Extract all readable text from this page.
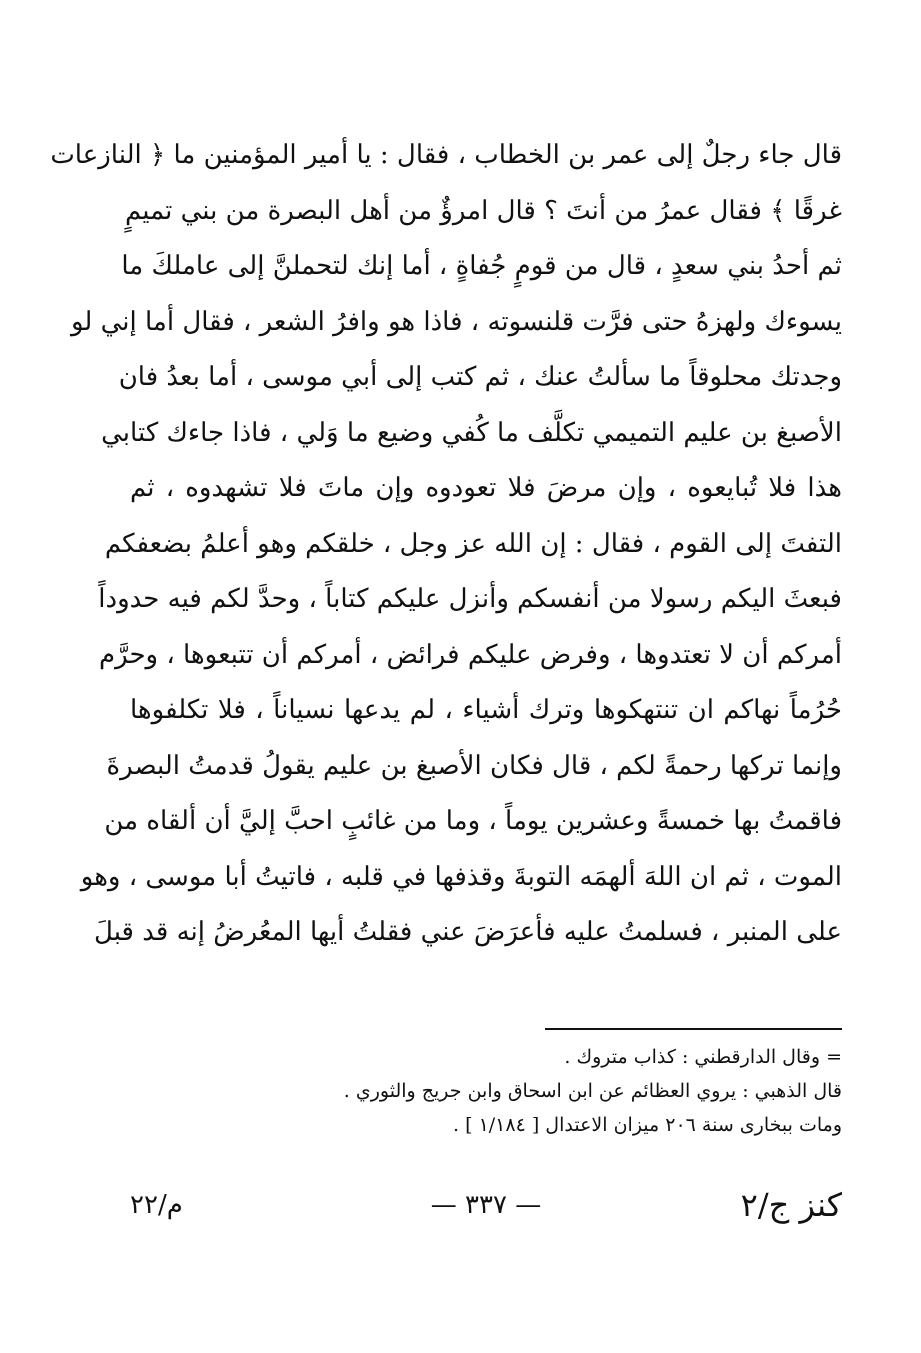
قال جاء رجلٌ إلى عمر بن الخطاب ، فقال : يا أمير المؤمنين ما ﴿ النازعات
غرقًا ﴾ فقال عمرُ من أنتَ ؟ قال امرؤٌ من أهل البصرة من بني تميمٍ
ثم أحدُ بني سعدٍ ، قال من قومٍ جُفاةٍ ، أما إنك لتحملنَّ إلى عاملكَ ما
يسوءك ولهزهُ حتى فرَّت قلنسوته ، فاذا هو وافرُ الشعر ، فقال أما إني لو
وجدتك محلوقاً ما سألتُ عنك ، ثم كتب إلى أبي موسى ، أما بعدُ فان
الأصبغ بن عليم التميمي تكلَّف ما كُفي وضيع ما وَلي ، فاذا جاءك كتابي
هذا فلا تُبايعوه ، وإن مرضَ فلا تعودوه وإن ماتَ فلا تشهدوه ، ثم
التفتَ إلى القوم ، فقال : إن الله عز وجل ، خلقكم وهو أعلمُ بضعفكم
فبعثَ اليكم رسولا من أنفسكم وأنزل عليكم كتاباً ، وحدَّ لكم فيه حدوداً
أمركم أن لا تعتدوها ، وفرض عليكم فرائض ، أمركم أن تتبعوها ، وحرَّم
حُرُماً نهاكم ان تنتهكوها وترك أشياء ، لم يدعها نسياناً ، فلا تكلفوها
وإنما تركها رحمةً لكم ، قال فكان الأصبغ بن عليم يقولُ قدمتُ البصرةَ
فاقمتُ بها خمسةً وعشرين يوماً ، وما من غائبٍ احبَّ إليَّ أن ألقاه من
الموت ، ثم ان اللهَ ألهمَه التوبةَ وقذفها في قلبه ، فاتيتُ أبا موسى ، وهو
على المنبر ، فسلمتُ عليه فأعرَضَ عني فقلتُ أيها المعُرضُ إنه قد قبلَ
= وقال الدارقطني : كذاب متروك .
قال الذهبي : يروي العظائم عن ابن اسحاق وابن جريج والثوري .
ومات ببخارى سنة ٢٠٦ ميزان الاعتدال [ ١/١٨٤ ] .
كنز ج/٢
— ٣٣٧ —
م/٢٢
